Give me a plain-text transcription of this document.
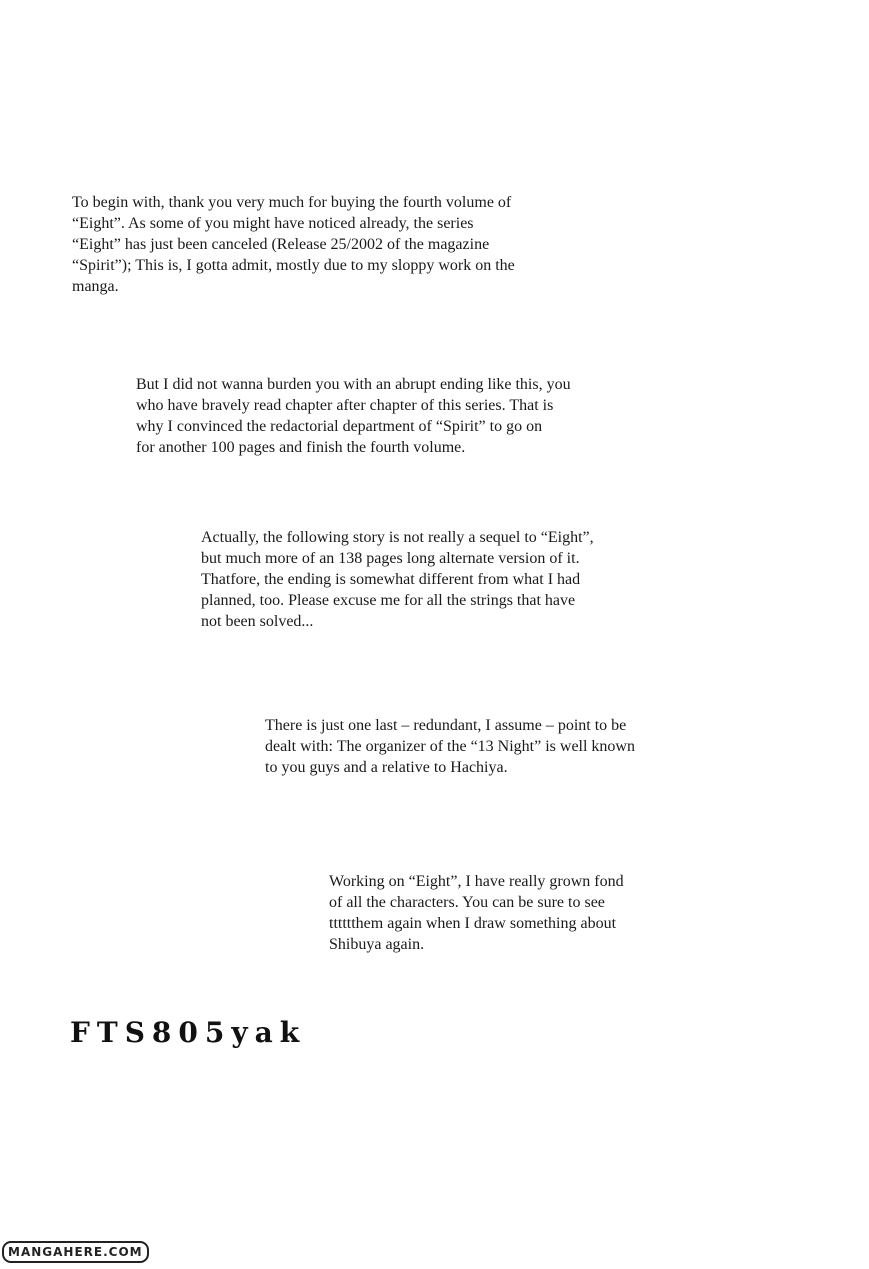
To begin with, thank you very much for buying the fourth volume of
“Eight”. As some of you might have noticed already, the series
“Eight” has just been canceled (Release 25/2002 of the magazine
“Spirit”); This is, I gotta admit, mostly due to my sloppy work on the
manga.

But I did not wanna burden you with an abrupt ending like this, you
who have bravely read chapter after chapter of this series. That is
why I convinced the redactorial department of “Spirit” to go on
for another 100 pages and finish the fourth volume.

Actually, the following story is not really a sequel to “Eight”,
but much more of an 138 pages long alternate version of it.
Thatfore, the ending is somewhat different from what I had
planned, too. Please excuse me for all the strings that have
not been solved...

There is just one last – redundant, I assume – point to be
dealt with: The organizer of the “13 Night” is well known
to you guys and a relative to Hachiya.

Working on “Eight”, I have really grown fond
of all the characters. You can be sure to see
tttttthem again when I draw something about
Shibuya again.

FTS805yak
MANGAHERE.COM
